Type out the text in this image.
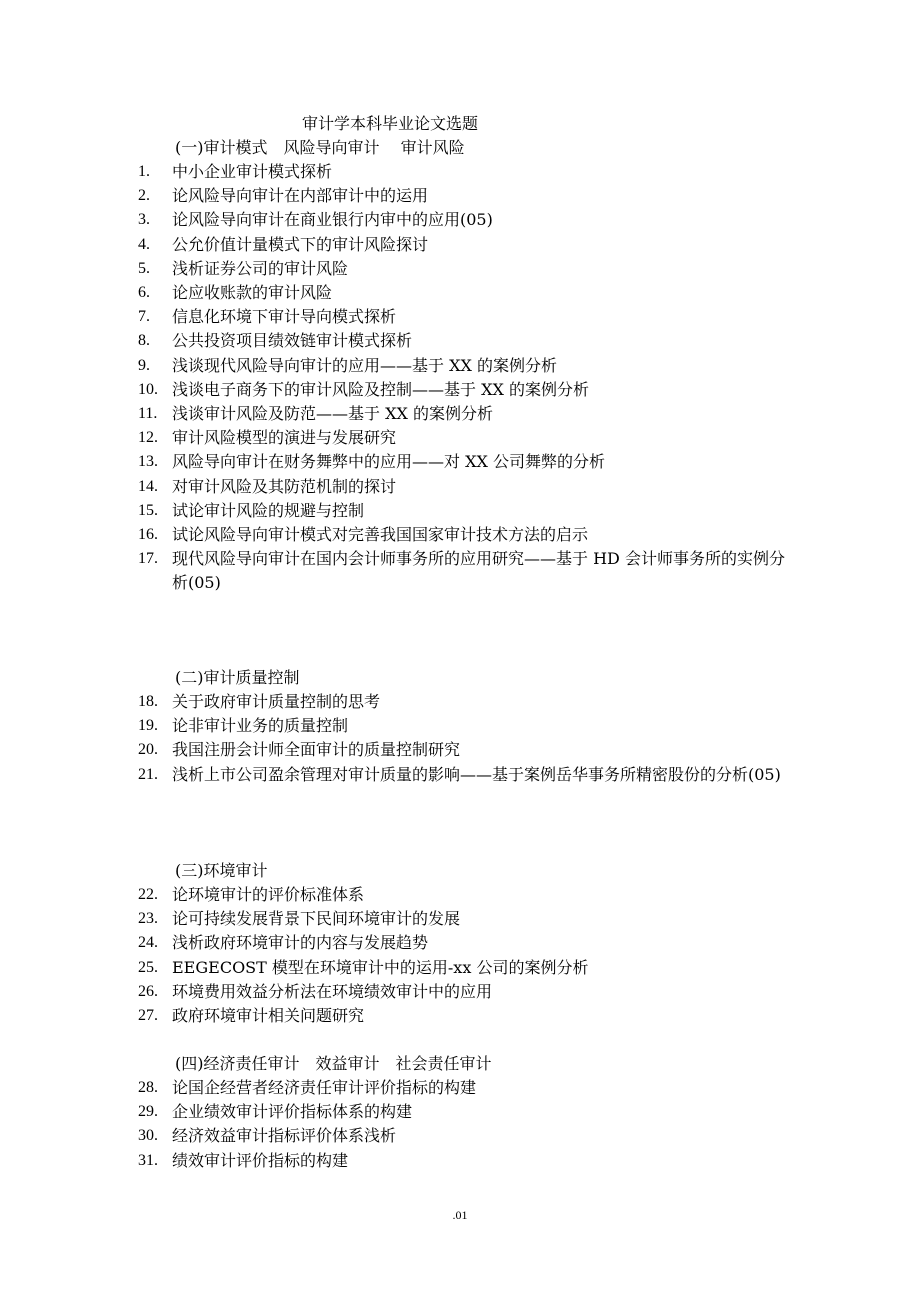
审计学本科毕业论文选题
(一)审计模式　风险导向审计　 审计风险
1.	中小企业审计模式探析
2.	论风险导向审计在内部审计中的运用
3.	论风险导向审计在商业银行内审中的应用(05)
4.	公允价值计量模式下的审计风险探讨
5.	浅析证券公司的审计风险
6.	论应收账款的审计风险
7.	信息化环境下审计导向模式探析
8.	公共投资项目绩效链审计模式探析
9.	浅谈现代风险导向审计的应用——基于 XX 的案例分析
10. 浅谈电子商务下的审计风险及控制——基于 XX 的案例分析
11. 浅谈审计风险及防范——基于 XX 的案例分析
12. 审计风险模型的演进与发展研究
13. 风险导向审计在财务舞弊中的应用——对 XX 公司舞弊的分析
14. 对审计风险及其防范机制的探讨
15. 试论审计风险的规避与控制
16. 试论风险导向审计模式对完善我国国家审计技术方法的启示
17. 现代风险导向审计在国内会计师事务所的应用研究——基于 HD 会计师事务所的实例分析(05)
(二)审计质量控制
18. 关于政府审计质量控制的思考
19. 论非审计业务的质量控制
20. 我国注册会计师全面审计的质量控制研究
21. 浅析上市公司盈余管理对审计质量的影响——基于案例岳华事务所精密股份的分析(05)
(三)环境审计
22. 论环境审计的评价标准体系
23. 论可持续发展背景下民间环境审计的发展
24. 浅析政府环境审计的内容与发展趋势
25. EEGECOST 模型在环境审计中的运用-xx 公司的案例分析
26. 环境费用效益分析法在环境绩效审计中的应用
27. 政府环境审计相关问题研究
(四)经济责任审计　效益审计　社会责任审计
28. 论国企经营者经济责任审计评价指标的构建
29. 企业绩效审计评价指标体系的构建
30. 经济效益审计指标评价体系浅析
31. 绩效审计评价指标的构建
.01
